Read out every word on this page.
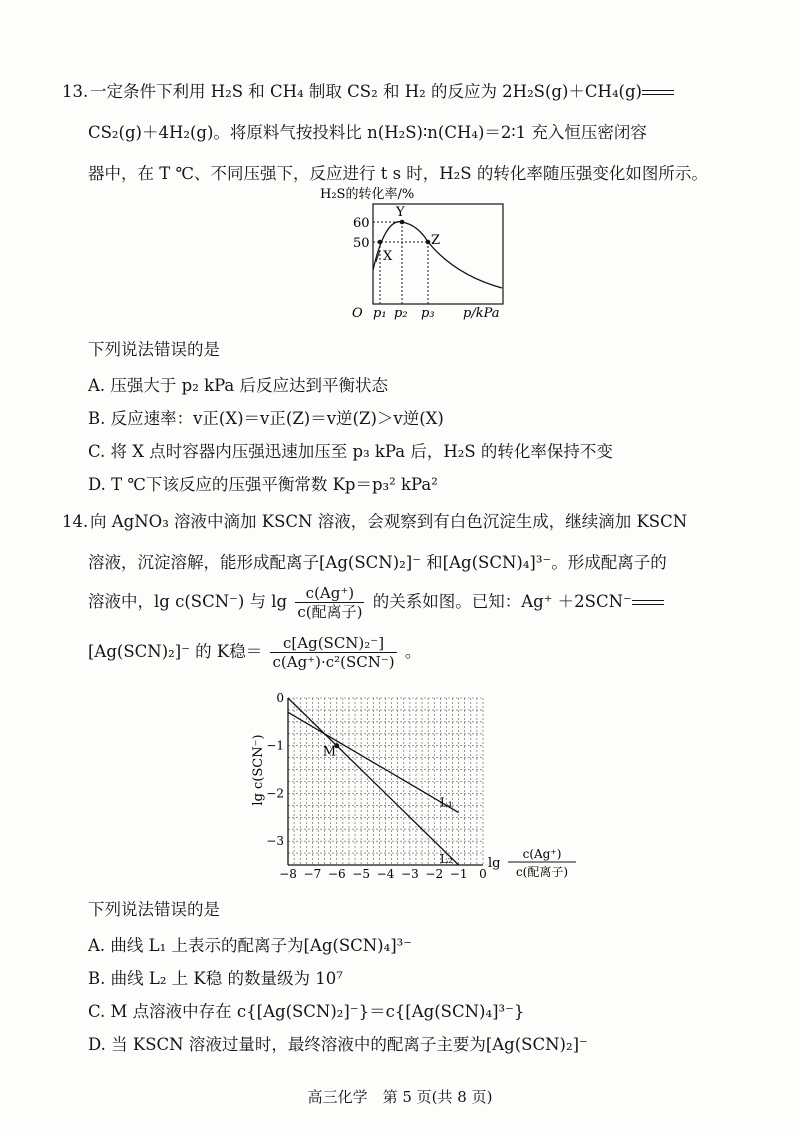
13. 一定条件下利用 H₂S 和 CH₄ 制取 CS₂ 和 H₂ 的反应为 2H₂S(g)＋CH₄(g)
CS₂(g)＋4H₂(g)。将原料气按投料比 n(H₂S)∶n(CH₄)＝2∶1 充入恒压密闭容
器中，在 T ℃、不同压强下，反应进行 t s 时，H₂S 的转化率随压强变化如图所示。
H₂S的转化率/%
60
50
X
Y
Z
O p₁ p₂ p₃ p/kPa
下列说法错误的是
A. 压强大于 p₂ kPa 后反应达到平衡状态
B. 反应速率：v正(X)＝v正(Z)＝v逆(Z)＞v逆(X)
C. 将 X 点时容器内压强迅速加压至 p₃ kPa 后，H₂S 的转化率保持不变
D. T ℃下该反应的压强平衡常数 Kp＝p₃² kPa²
14. 向 AgNO₃ 溶液中滴加 KSCN 溶液，会观察到有白色沉淀生成，继续滴加 KSCN
溶液，沉淀溶解，能形成配离子[Ag(SCN)₂]⁻ 和[Ag(SCN)₄]³⁻。形成配离子的
溶液中，lg c(SCN⁻) 与 $\lg \frac{c(Ag^+)}{\text{c(配离子)}}$ 的关系如图。已知：Ag⁺ ＋2SCN⁻
[Ag(SCN)₂]⁻ 的 K稳＝ $\frac{\text{c[Ag(SCN)₂⁻]}}{\text{c(Ag⁺)·c²(SCN⁻)}}$ 。
−8 −7 −6 −5 −4 −3 −2 −1 0
0
−1
−2
−3
L₁
L₂
M
lg c(SCN⁻)
lg
c(Ag⁺)
c(配离子)
下列说法错误的是
A. 曲线 L₁ 上表示的配离子为[Ag(SCN)₄]³⁻
B. 曲线 L₂ 上 K稳 的数量级为 10⁷
C. M 点溶液中存在 c{[Ag(SCN)₂]⁻}＝c{[Ag(SCN)₄]³⁻}
D. 当 KSCN 溶液过量时，最终溶液中的配离子主要为[Ag(SCN)₂]⁻
高三化学　第 5 页(共 8 页)
